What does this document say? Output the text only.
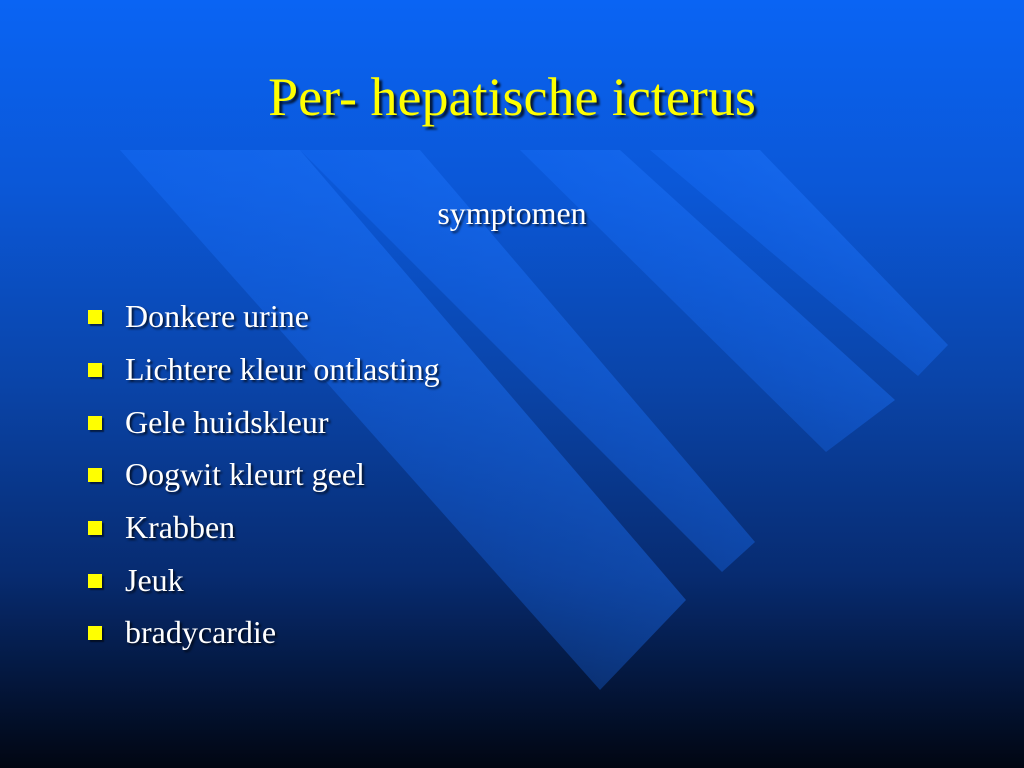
Per- hepatische icterus
symptomen
Donkere urine
Lichtere kleur ontlasting
Gele huidskleur
Oogwit kleurt geel
Krabben
Jeuk
bradycardie
